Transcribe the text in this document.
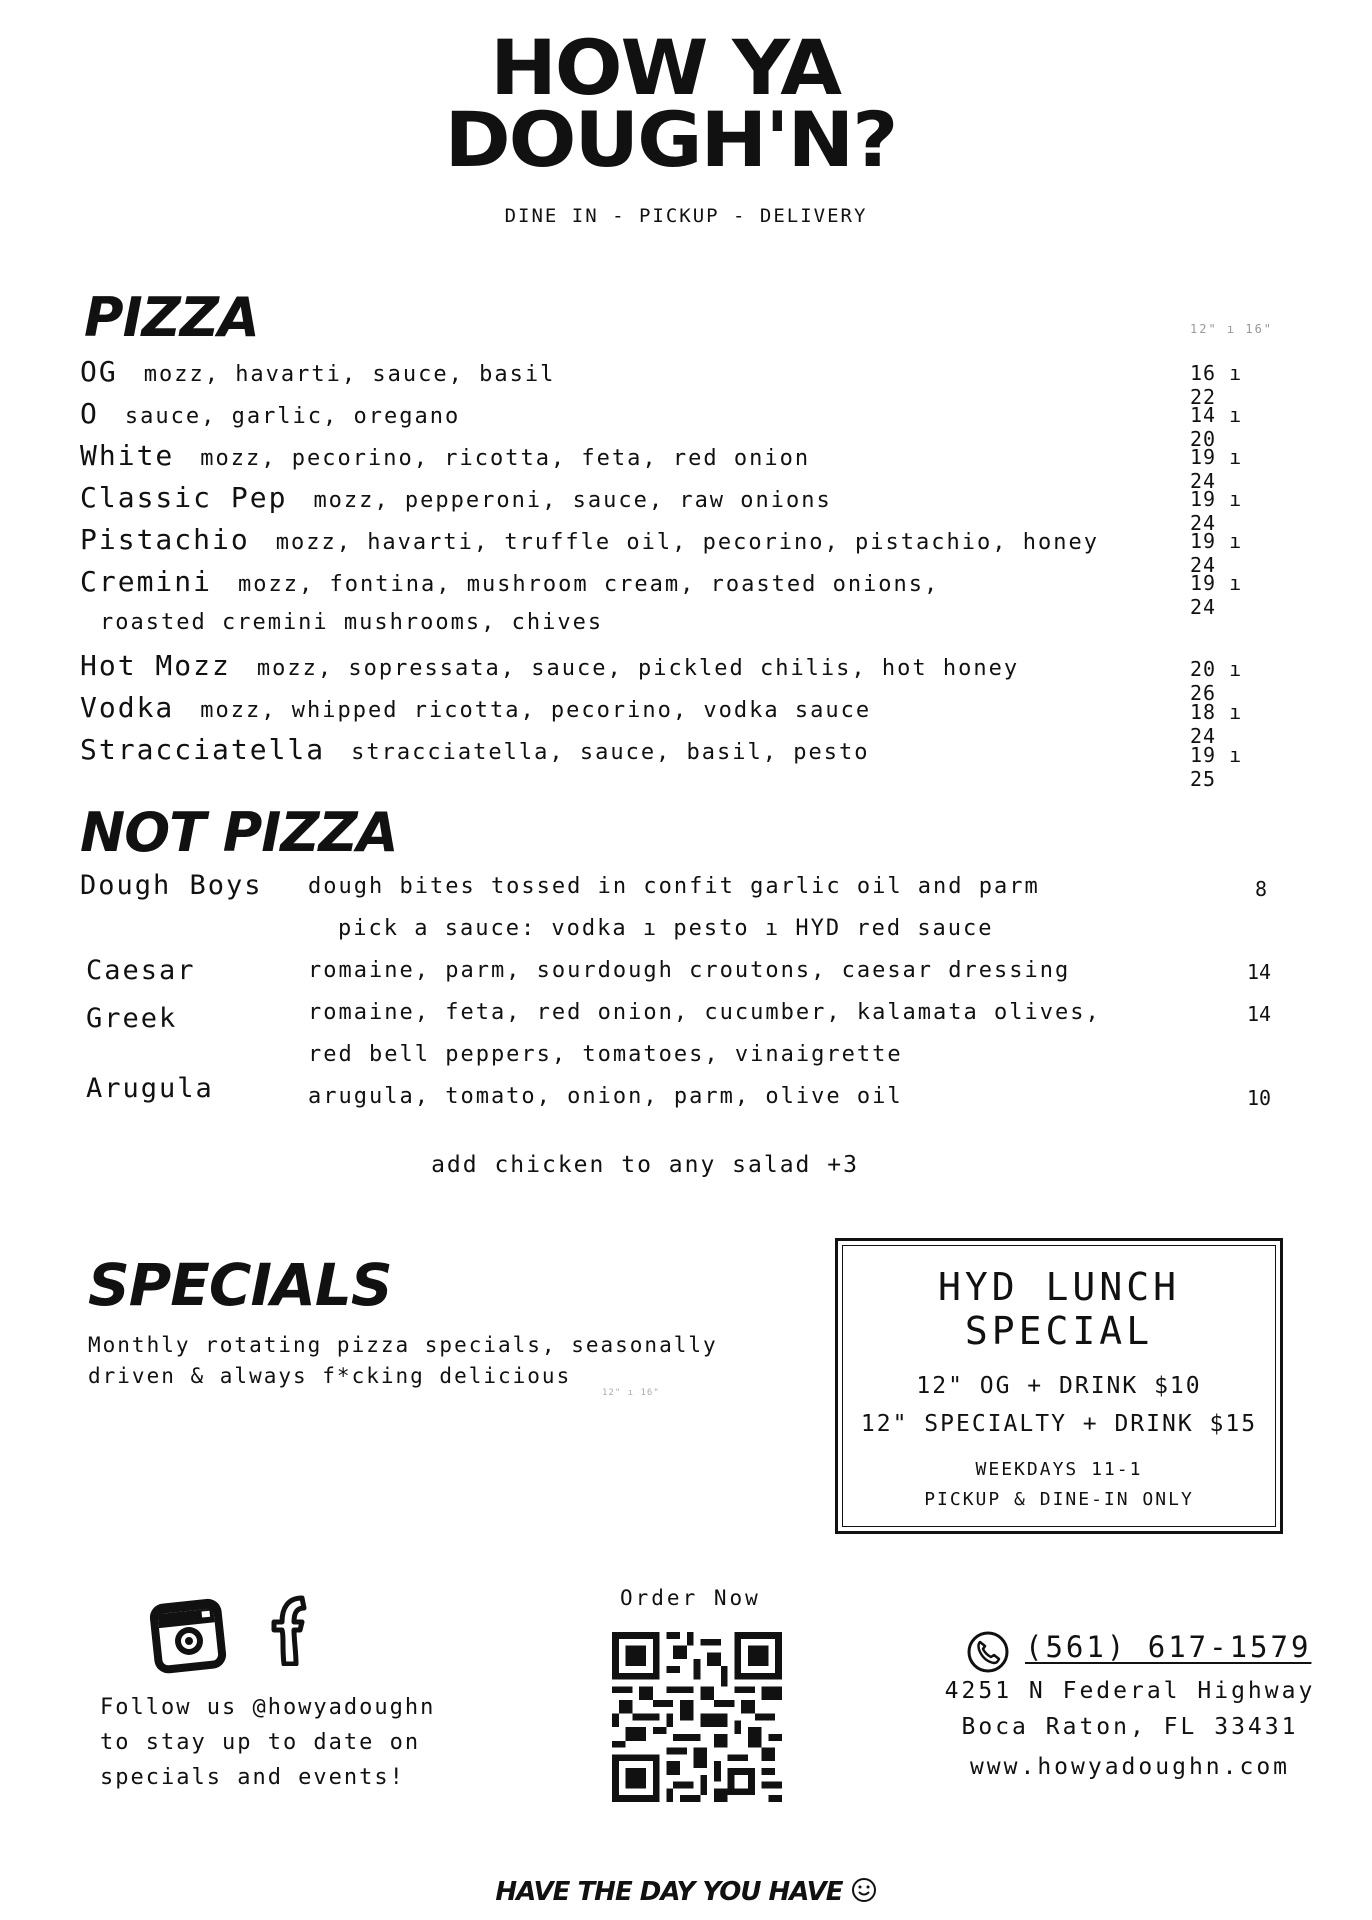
HOW YA
DOUGH'N?
DINE IN - PICKUP - DELIVERY
PIZZA	12" ı 16"
OG mozz, havarti, sauce, basil	16 ı 22
O sauce, garlic, oregano	14 ı 20
White mozz, pecorino, ricotta, feta, red onion	19 ı 24
Classic Pep mozz, pepperoni, sauce, raw onions	19 ı 24
Pistachio mozz, havarti, truffle oil, pecorino, pistachio, honey	19 ı 24
Cremini mozz, fontina, mushroom cream, roasted onions,	19 ı 24
roasted cremini mushrooms, chives
Hot Mozz mozz, sopressata, sauce, pickled chilis, hot honey	20 ı 26
Vodka mozz, whipped ricotta, pecorino, vodka sauce	18 ı 24
Stracciatella stracciatella, sauce, basil, pesto	19 ı 25
NOT PIZZA
Dough Boys dough bites tossed in confit garlic oil and parm	8
pick a sauce: vodka ı pesto ı HYD red sauce
Caesar	romaine, parm, sourdough croutons, caesar dressing	14
Greek	romaine, feta, red onion, cucumber, kalamata olives,	14
red bell peppers, tomatoes, vinaigrette
Arugula	arugula, tomato, onion, parm, olive oil	10
add chicken to any salad +3
SPECIALS
Monthly rotating pizza specials, seasonally
driven & always f*cking delicious
12" ı 16"
HYD LUNCH
SPECIAL
12" OG + DRINK $10
12" SPECIALTY + DRINK $15
WEEKDAYS 11-1
PICKUP & DINE-IN ONLY
Follow us @howyadoughn
to stay up to date on
specials and events!
Order Now
(561) 617-1579
4251 N Federal Highway
Boca Raton, FL 33431
www.howyadoughn.com
HAVE THE DAY YOU HAVE
